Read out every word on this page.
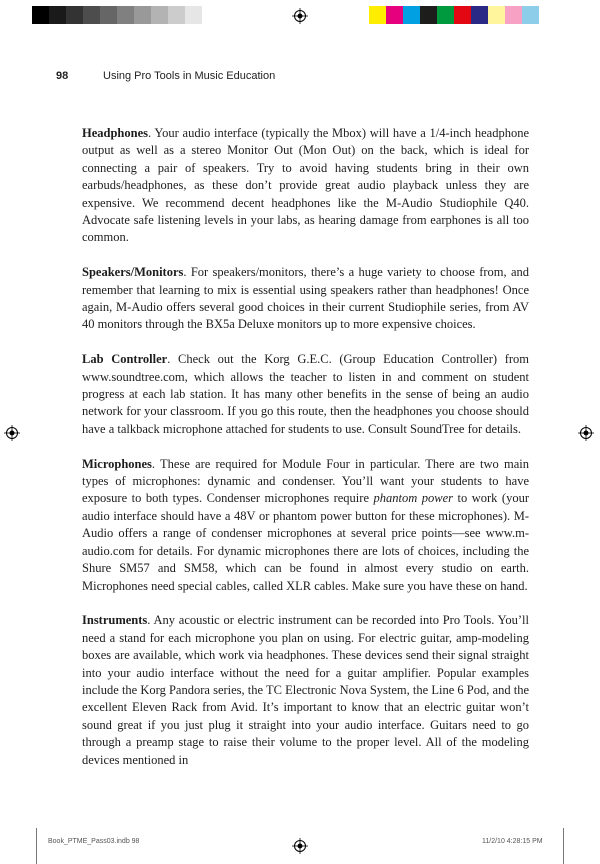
98	Using Pro Tools in Music Education

Headphones. Your audio interface (typically the Mbox) will have a 1/4-inch headphone output as well as a stereo Monitor Out (Mon Out) on the back, which is ideal for connecting a pair of speakers. Try to avoid having students bring in their own earbuds/headphones, as these don’t provide great audio playback unless they are expensive. We recommend decent headphones like the M-Audio Studiophile Q40. Advocate safe listening levels in your labs, as hearing damage from earphones is all too common.

Speakers/Monitors. For speakers/monitors, there’s a huge variety to choose from, and remember that learning to mix is essential using speakers rather than headphones! Once again, M-Audio offers several good choices in their current Studiophile series, from AV 40 monitors through the BX5a Deluxe monitors up to more expensive choices.

Lab Controller. Check out the Korg G.E.C. (Group Education Controller) from www.soundtree.com, which allows the teacher to listen in and comment on student progress at each lab station. It has many other benefits in the sense of being an audio network for your classroom. If you go this route, then the headphones you choose should have a talkback microphone attached for students to use. Consult SoundTree for details.

Microphones. These are required for Module Four in particular. There are two main types of microphones: dynamic and condenser. You’ll want your students to have exposure to both types. Condenser microphones require phantom power to work (your audio interface should have a 48V or phantom power button for these microphones). M-Audio offers a range of condenser microphones at several price points—see www.m-audio.com for details. For dynamic microphones there are lots of choices, including the Shure SM57 and SM58, which can be found in almost every studio on earth. Microphones need special cables, called XLR cables. Make sure you have these on hand.

Instruments. Any acoustic or electric instrument can be recorded into Pro Tools. You’ll need a stand for each microphone you plan on using. For electric guitar, amp-modeling boxes are available, which work via headphones. These devices send their signal straight into your audio interface without the need for a guitar amplifier. Popular examples include the Korg Pandora series, the TC Electronic Nova System, the Line 6 Pod, and the excellent Eleven Rack from Avid. It’s important to know that an electric guitar won’t sound great if you just plug it straight into your audio interface. Guitars need to go through a preamp stage to raise their volume to the proper level. All of the modeling devices mentioned in

Book_PTME_Pass03.indb 98	11/2/10 4:28:15 PM
